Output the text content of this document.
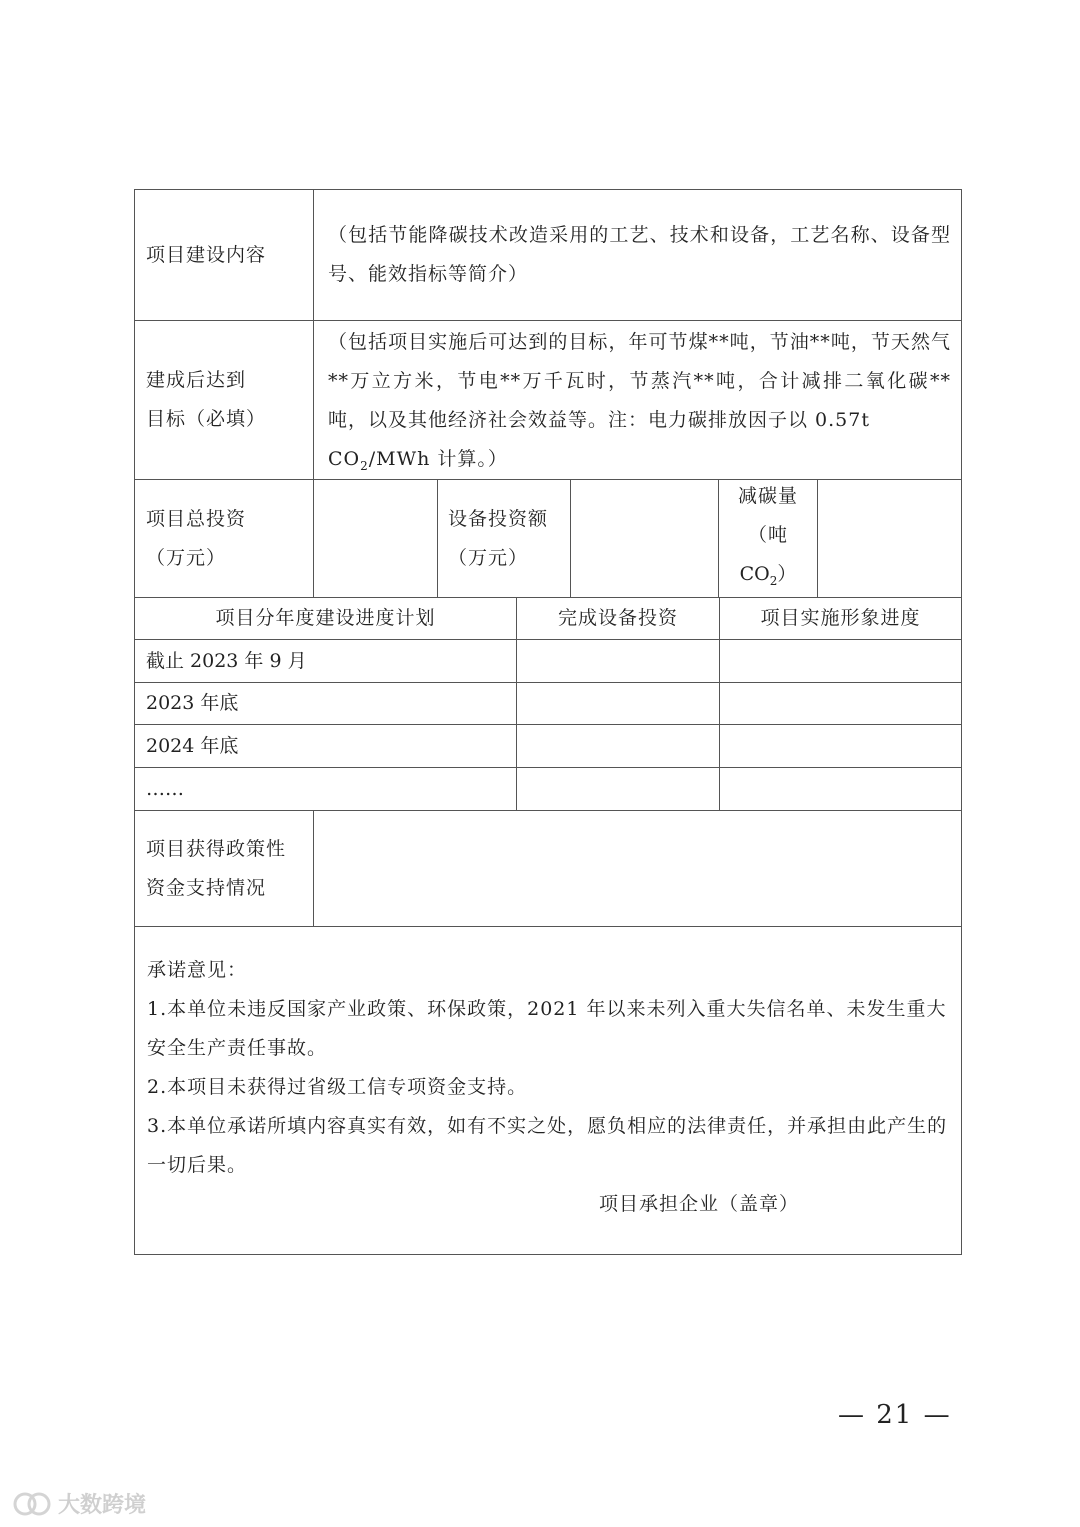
项目建设内容
（包括节能降碳技术改造采用的工艺、技术和设备，工艺名称、设备型号、能效指标等简介）
建成后达到
目标（必填）
（包括项目实施后可达到的目标，年可节煤**吨，节油**吨，节天然气**万立方米，节电**万千瓦时，节蒸汽**吨，合计减排二氧化碳**吨，以及其他经济社会效益等。注：电力碳排放因子以 0.57t
$CO_2$/MWh 计算。）
项目总投资
（万元）
设备投资额
（万元）
减碳量
（吨
$CO_2$）
项目分年度建设进度计划	完成设备投资	项目实施形象进度
截止 2023 年 9 月
2023 年底
2024 年底
……
项目获得政策性
资金支持情况

承诺意见：

1.本单位未违反国家产业政策、环保政策，2021 年以来未列入重大失信名单、未发生重大安全生产责任事故。

2.本项目未获得过省级工信专项资金支持。

3.本单位承诺所填内容真实有效，如有不实之处，愿负相应的法律责任，并承担由此产生的一切后果。

项目承担企业（盖章）

— 21 —
大数跨境
